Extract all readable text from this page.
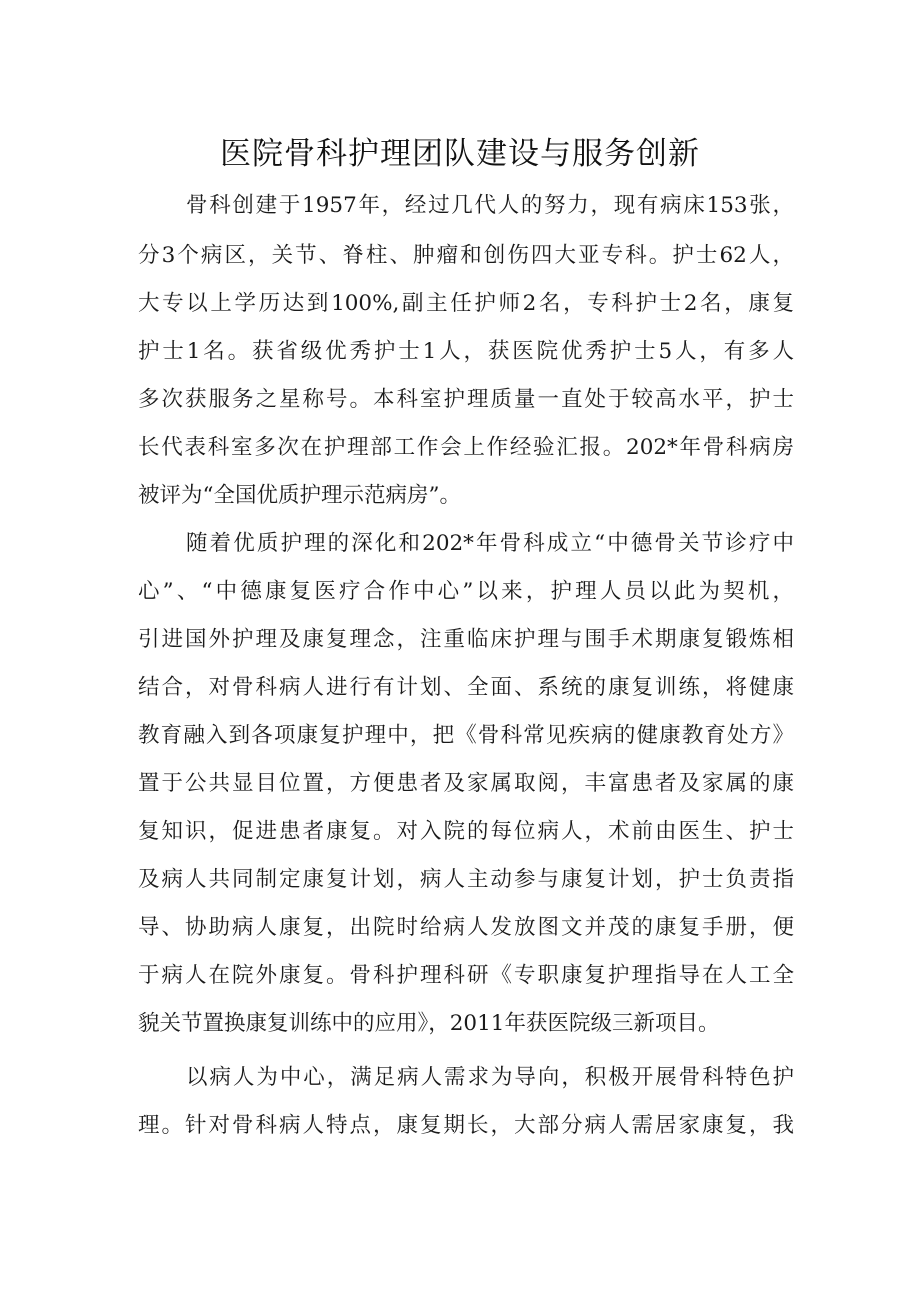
医院骨科护理团队建设与服务创新
骨科创建于1957年，经过几代人的努力，现有病床153张，
分3个病区，关节、脊柱、肿瘤和创伤四大亚专科。护士62人，
大专以上学历达到100%,副主任护师2名，专科护士2名，康复
护士1名。获省级优秀护士1人，获医院优秀护士5人，有多人
多次获服务之星称号。本科室护理质量一直处于较高水平，护士
长代表科室多次在护理部工作会上作经验汇报。202*年骨科病房
被评为“全国优质护理示范病房”。
随着优质护理的深化和202*年骨科成立“中德骨关节诊疗中
心”、“中德康复医疗合作中心”以来，护理人员以此为契机，
引进国外护理及康复理念，注重临床护理与围手术期康复锻炼相
结合，对骨科病人进行有计划、全面、系统的康复训练，将健康
教育融入到各项康复护理中，把《骨科常见疾病的健康教育处方》
置于公共显目位置，方便患者及家属取阅，丰富患者及家属的康
复知识，促进患者康复。对入院的每位病人，术前由医生、护士
及病人共同制定康复计划，病人主动参与康复计划，护士负责指
导、协助病人康复，出院时给病人发放图文并茂的康复手册，便
于病人在院外康复。骨科护理科研《专职康复护理指导在人工全
貌关节置换康复训练中的应用》，2011年获医院级三新项目。
以病人为中心，满足病人需求为导向，积极开展骨科特色护
理。针对骨科病人特点，康复期长，大部分病人需居家康复，我
